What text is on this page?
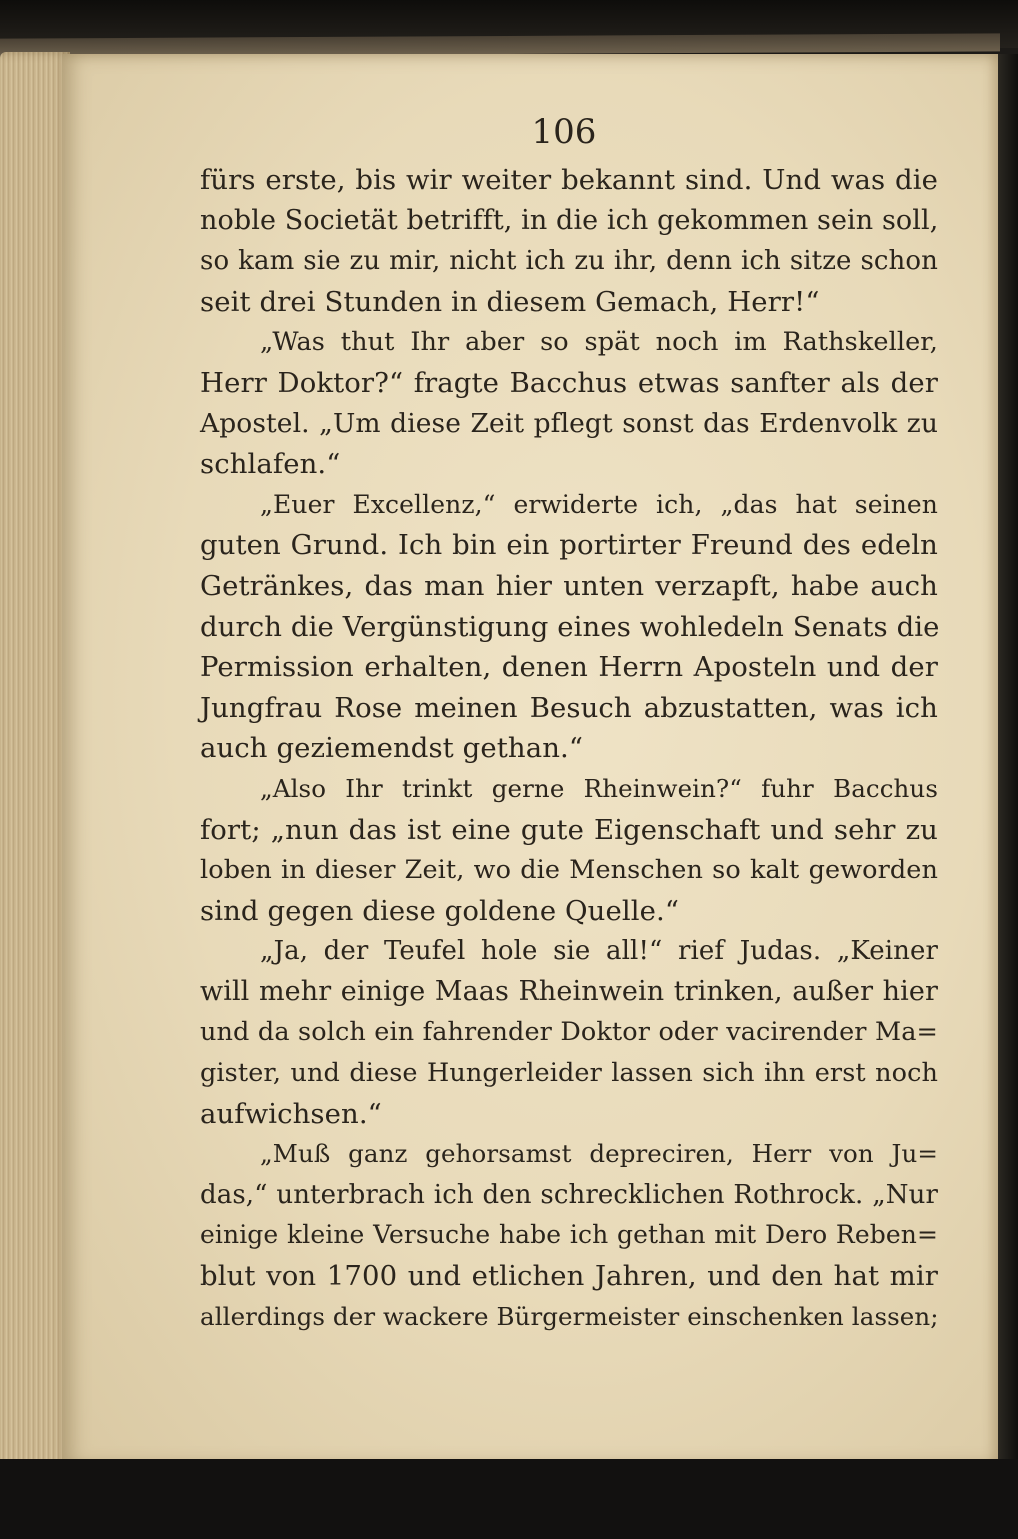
106
fürs erste, bis wir weiter bekannt sind. Und was die
noble Societät betrifft, in die ich gekommen sein soll,
so kam sie zu mir, nicht ich zu ihr, denn ich sitze schon
seit drei Stunden in diesem Gemach, Herr!“
„Was thut Ihr aber so spät noch im Rathskeller,
Herr Doktor?“ fragte Bacchus etwas sanfter als der
Apostel. „Um diese Zeit pflegt sonst das Erdenvolk zu
schlafen.“
„Euer Excellenz,“ erwiderte ich, „das hat seinen
guten Grund. Ich bin ein portirter Freund des edeln
Getränkes, das man hier unten verzapft, habe auch
durch die Vergünstigung eines wohledeln Senats die
Permission erhalten, denen Herrn Aposteln und der
Jungfrau Rose meinen Besuch abzustatten, was ich
auch geziemendst gethan.“
„Also Ihr trinkt gerne Rheinwein?“ fuhr Bacchus
fort; „nun das ist eine gute Eigenschaft und sehr zu
loben in dieser Zeit, wo die Menschen so kalt geworden
sind gegen diese goldene Quelle.“
„Ja, der Teufel hole sie all!“ rief Judas. „Keiner
will mehr einige Maas Rheinwein trinken, außer hier
und da solch ein fahrender Doktor oder vacirender Ma=
gister, und diese Hungerleider lassen sich ihn erst noch
aufwichsen.“
„Muß ganz gehorsamst depreciren, Herr von Ju=
das,“ unterbrach ich den schrecklichen Rothrock. „Nur
einige kleine Versuche habe ich gethan mit Dero Reben=
blut von 1700 und etlichen Jahren, und den hat mir
allerdings der wackere Bürgermeister einschenken lassen;
